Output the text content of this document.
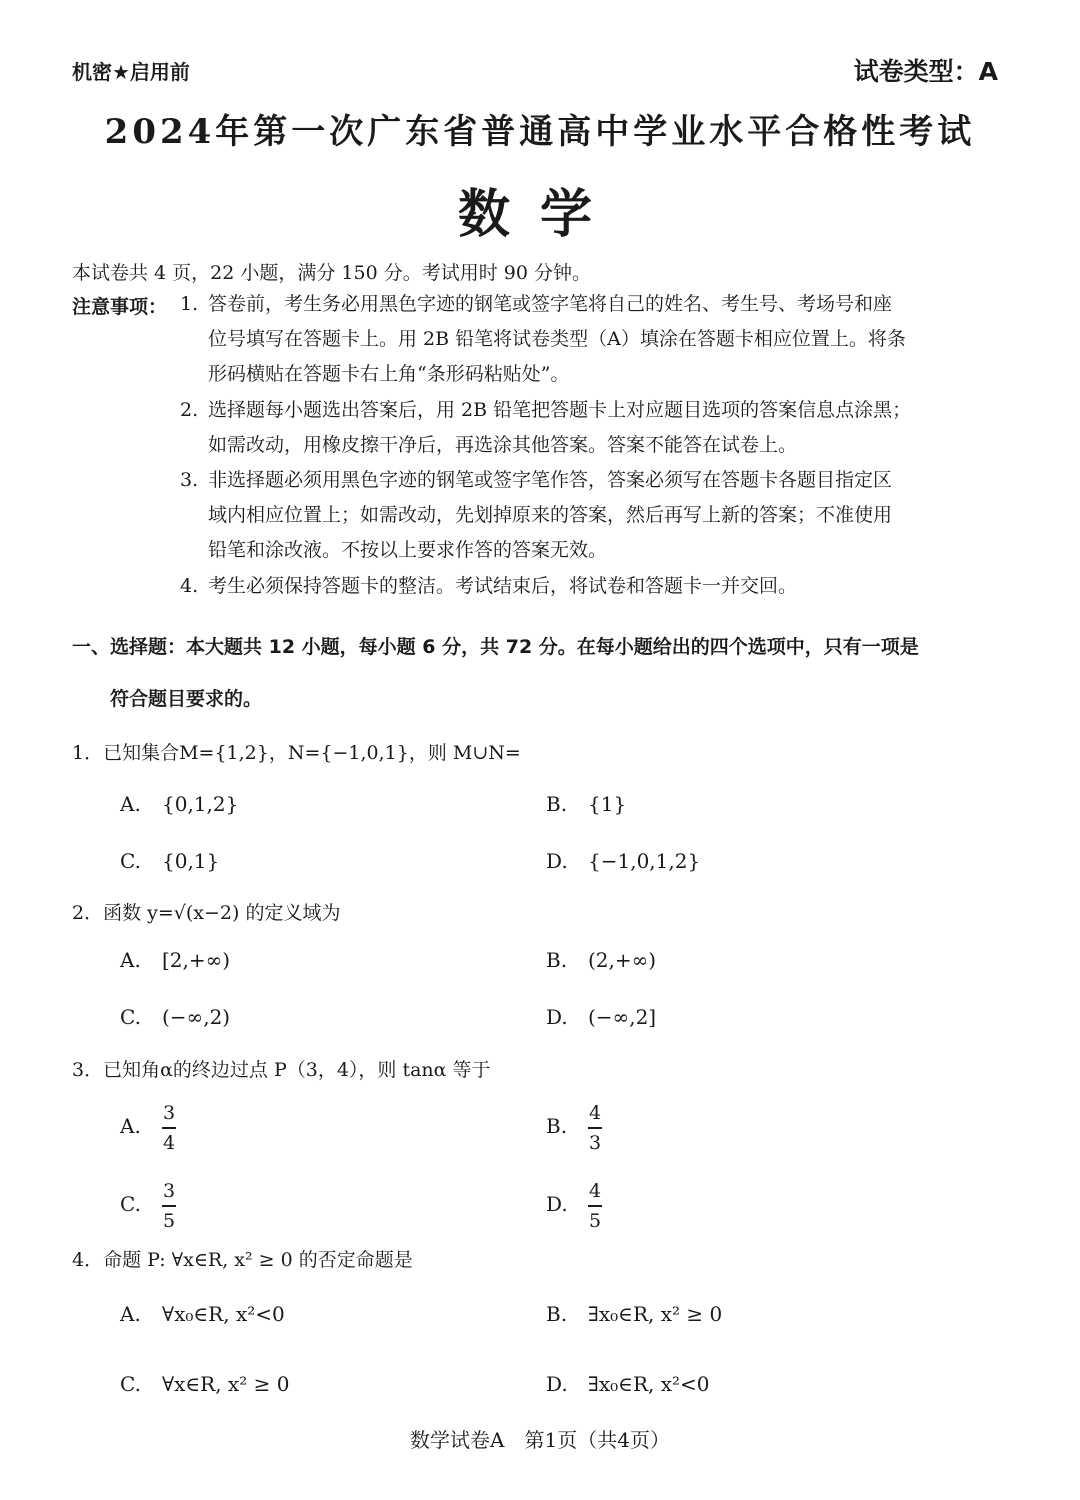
机密★启用前	试卷类型：A
2024年第一次广东省普通高中学业水平合格性考试
数学
本试卷共 4 页，22 小题，满分 150 分。考试用时 90 分钟。
注意事项： 1. 答卷前，考生务必用黑色字迹的钢笔或签字笔将自己的姓名、考生号、考场号和座
位号填写在答题卡上。用 2B 铅笔将试卷类型（A）填涂在答题卡相应位置上。将条
形码横贴在答题卡右上角“条形码粘贴处”。
2. 选择题每小题选出答案后，用 2B 铅笔把答题卡上对应题目选项的答案信息点涂黑；
如需改动，用橡皮擦干净后，再选涂其他答案。答案不能答在试卷上。
3. 非选择题必须用黑色字迹的钢笔或签字笔作答，答案必须写在答题卡各题目指定区
域内相应位置上；如需改动，先划掉原来的答案，然后再写上新的答案；不准使用
铅笔和涂改液。不按以上要求作答的答案无效。
4. 考生必须保持答题卡的整洁。考试结束后，将试卷和答题卡一并交回。
一、选择题：本大题共 12 小题，每小题 6 分，共 72 分。在每小题给出的四个选项中，只有一项是
符合题目要求的。
1．已知集合M={1,2}，N={−1,0,1}，则 M∪N=
A. {0,1,2}	B. {1}
C. {0,1}	D. {−1,0,1,2}
2．函数 y=√(x−2) 的定义域为
A. [2,+∞)	B. (2,+∞)
C. (−∞,2)	D. (−∞,2]
3．已知角α的终边过点 P（3，4），则 tanα 等于
A. $\frac{3}{4}$	B. $\frac{4}{3}$
C. $\frac{3}{5}$	D. $\frac{4}{5}$
4．命题 P: ∀x∈R, x² ≥ 0 的否定命题是
A. ∀x₀∈R, x²<0	B. ∃x₀∈R, x² ≥ 0
C. ∀x∈R, x² ≥ 0	D. ∃x₀∈R, x²<0
数学试卷A　第1页（共4页）
